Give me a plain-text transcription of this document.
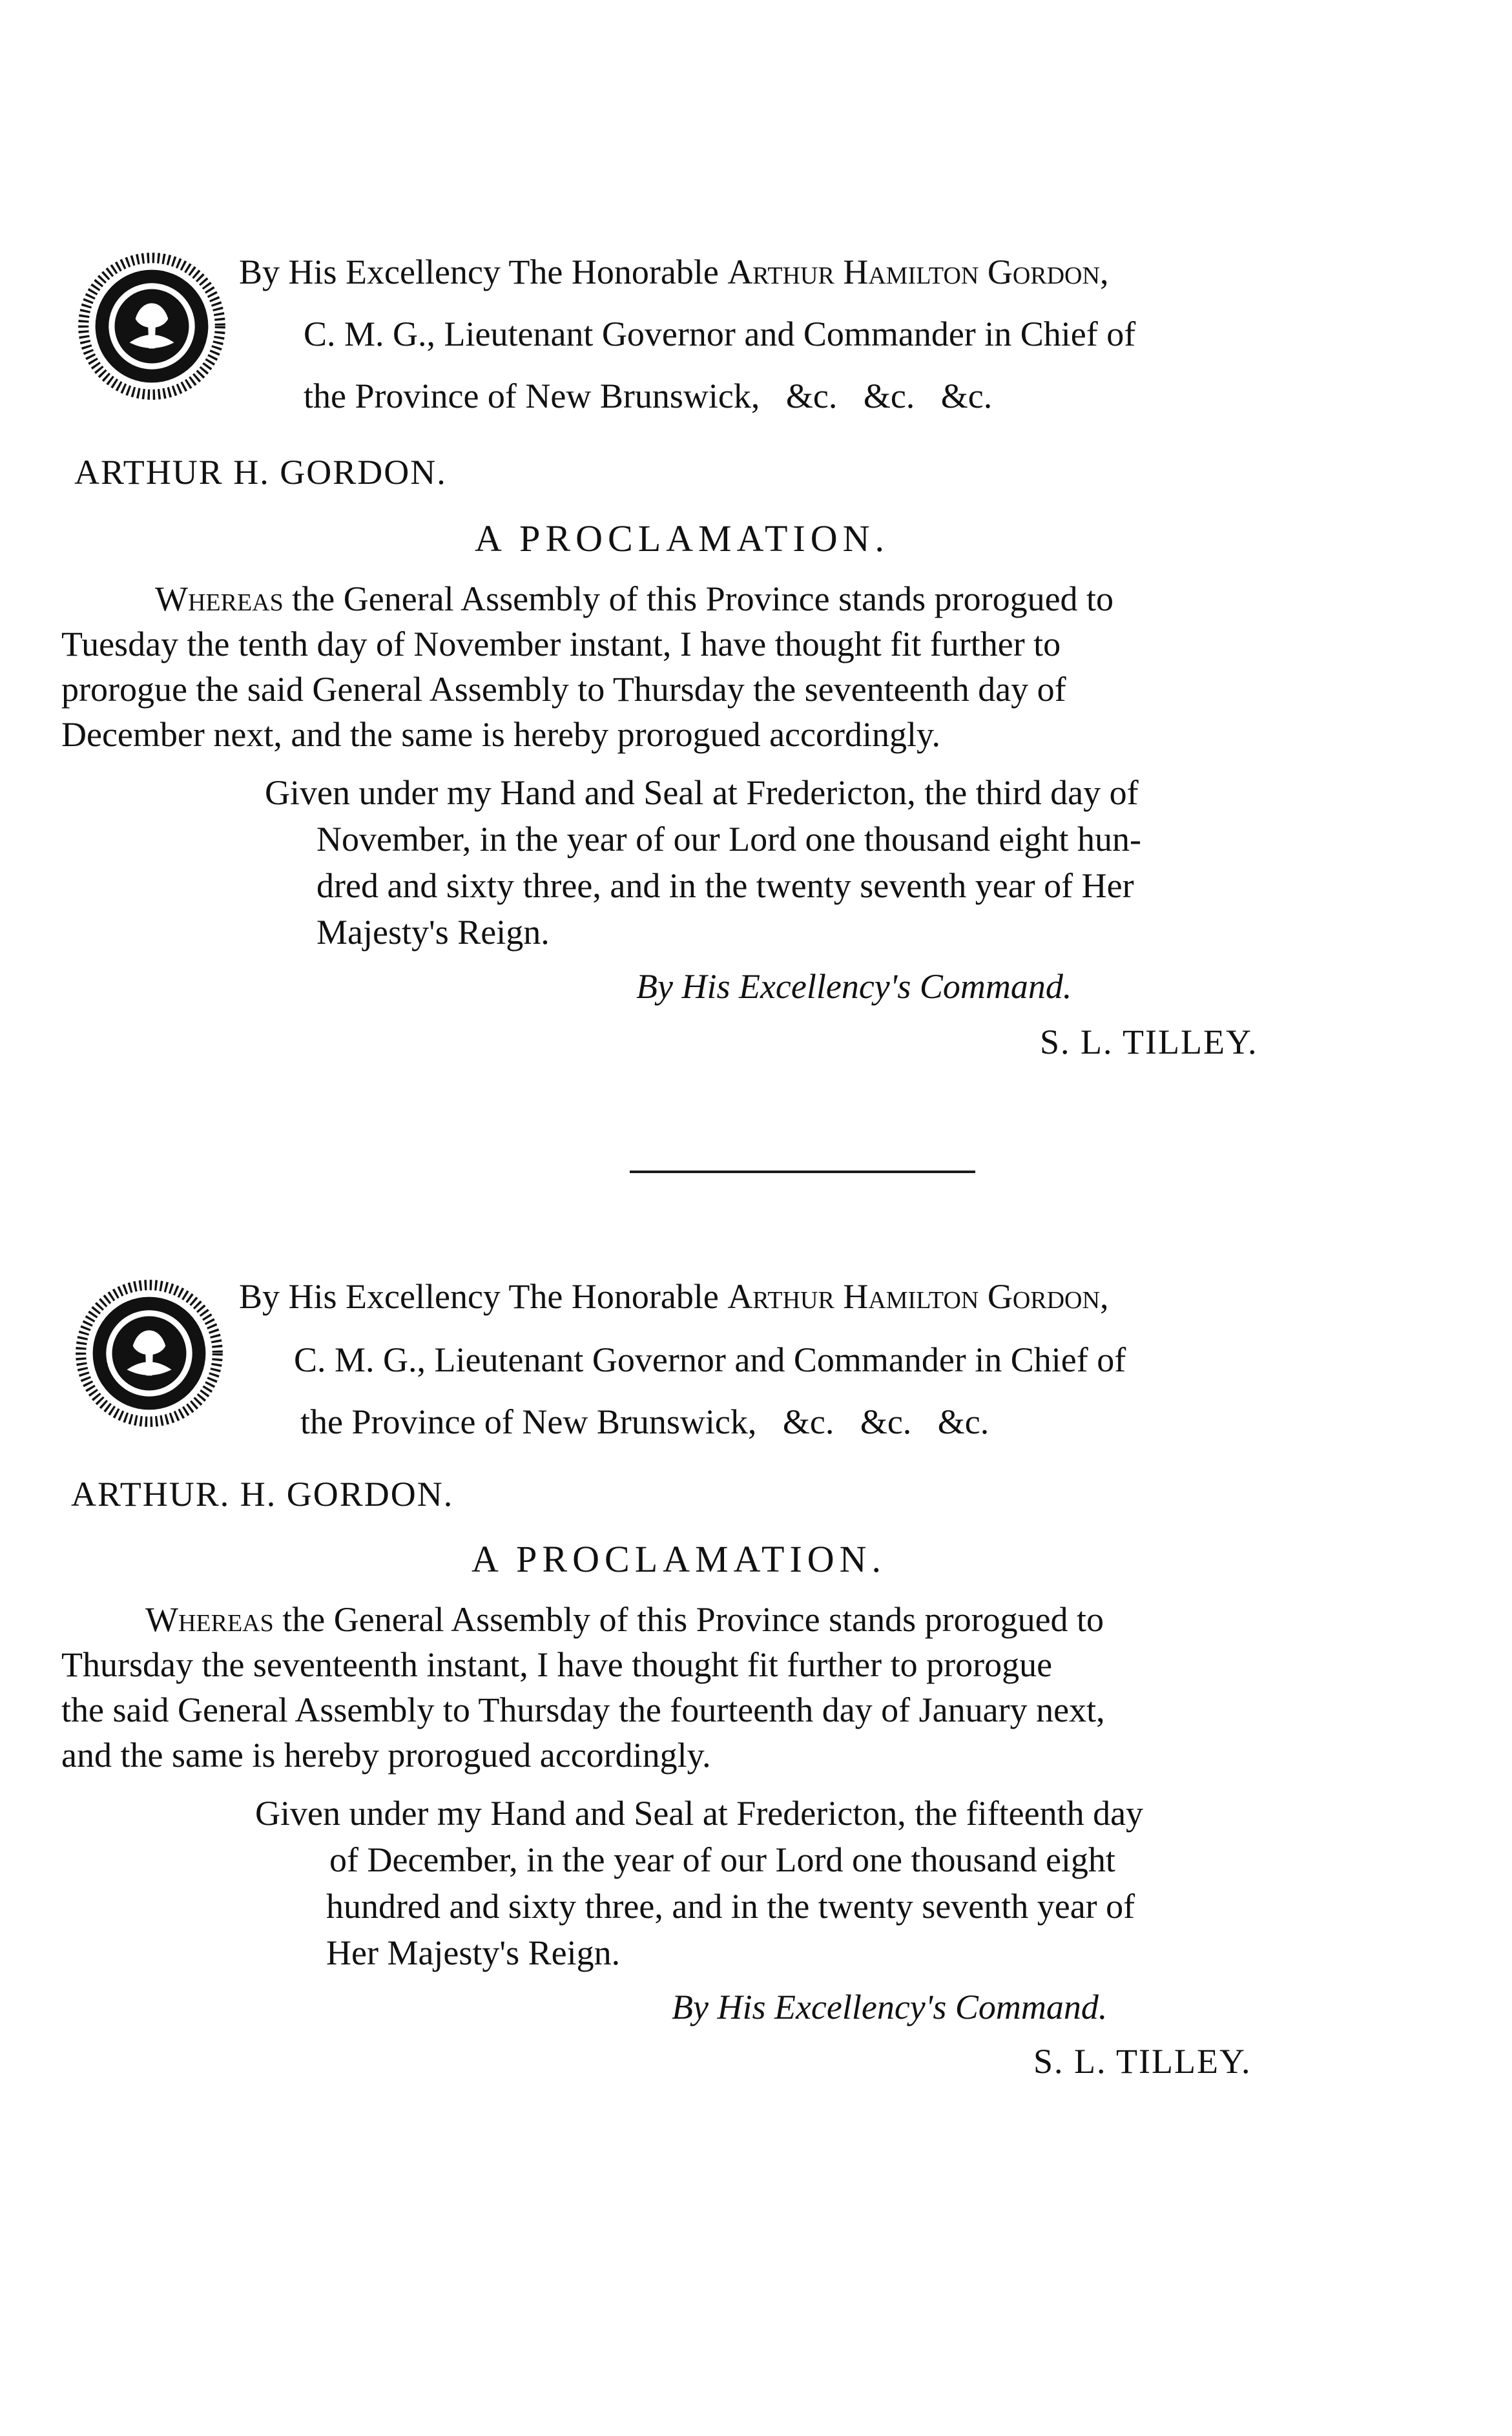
By His Excellency The Honorable Arthur Hamilton Gordon,
C. M. G., Lieutenant Governor and Commander in Chief of
the Province of New Brunswick,   &c.   &c.   &c.
ARTHUR H. GORDON.
A PROCLAMATION.
Whereas the General Assembly of this Province stands prorogued to
Tuesday the tenth day of November instant, I have thought fit further to
prorogue the said General Assembly to Thursday the seventeenth day of
December next, and the same is hereby prorogued accordingly.
Given under my Hand and Seal at Fredericton, the third day of
November, in the year of our Lord one thousand eight hun-
dred and sixty three, and in the twenty seventh year of Her
Majesty's Reign.
By His Excellency's Command.
S. L. TILLEY.
By His Excellency The Honorable Arthur Hamilton Gordon,
C. M. G., Lieutenant Governor and Commander in Chief of
the Province of New Brunswick,   &c.   &c.   &c.
ARTHUR. H. GORDON.
A PROCLAMATION.
Whereas the General Assembly of this Province stands prorogued to
Thursday the seventeenth instant, I have thought fit further to prorogue
the said General Assembly to Thursday the fourteenth day of January next,
and the same is hereby prorogued accordingly.
Given under my Hand and Seal at Fredericton, the fifteenth day
of December, in the year of our Lord one thousand eight
hundred and sixty three, and in the twenty seventh year of
Her Majesty's Reign.
By His Excellency's Command.
S. L. TILLEY.
